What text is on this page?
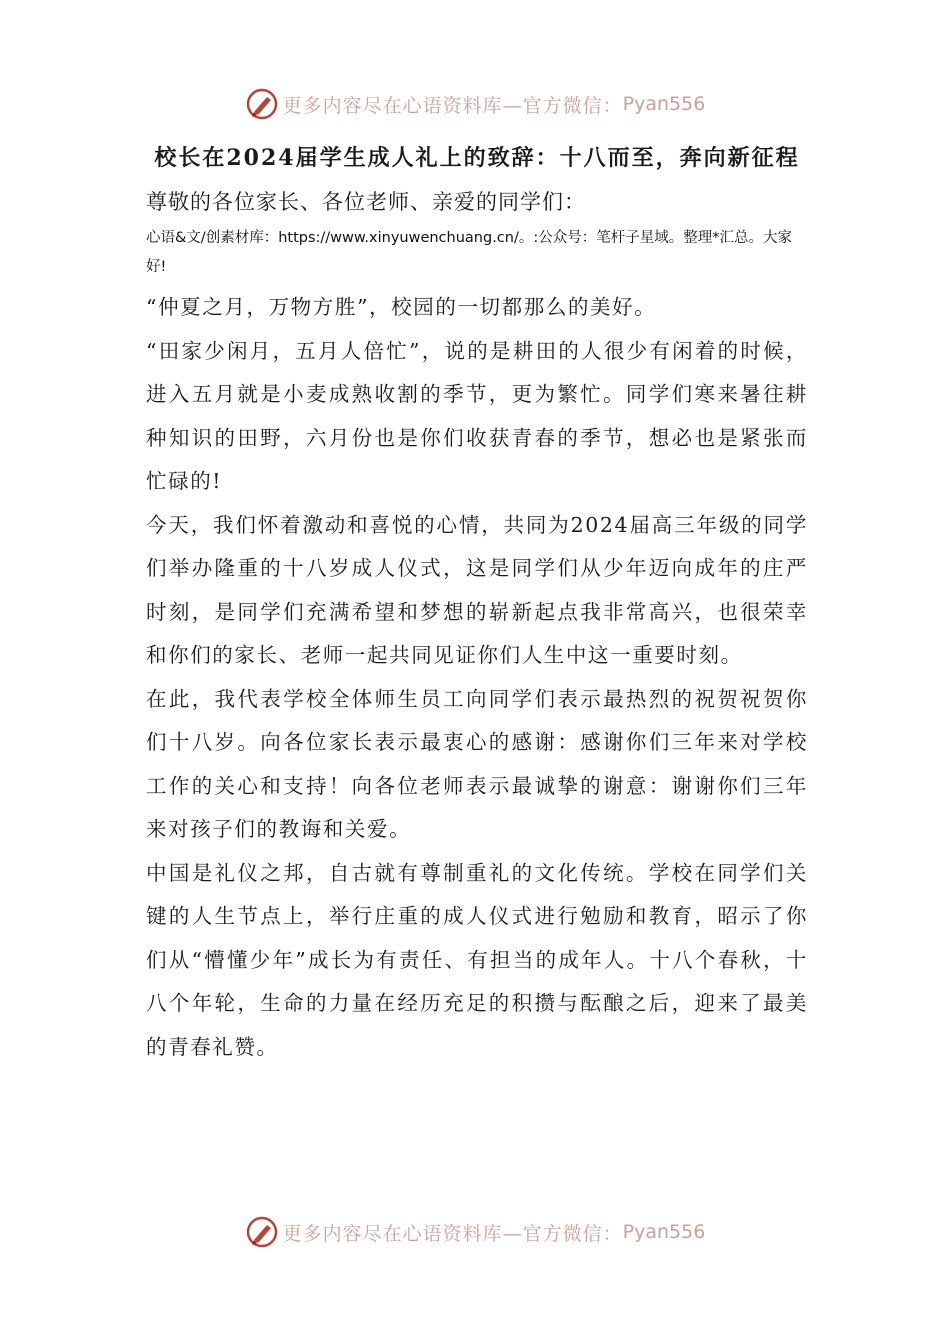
更多内容尽在心语资料库—官方微信： Pyan556
校长在2024届学生成人礼上的致辞：十八而至，奔向新征程

尊敬的各位家长、各位老师、亲爱的同学们：

心语&文/创素材库：https://www.xinyuwenchuang.cn/。:公众号：笔杆子星域。整理*汇总。大家好!

“仲夏之月，万物方胜”，校园的一切都那么的美好。

“田家少闲月，五月人倍忙”，说的是耕田的人很少有闲着的时候，进入五月就是小麦成熟收割的季节，更为繁忙。同学们寒来暑往耕种知识的田野，六月份也是你们收获青春的季节，想必也是紧张而忙碌的!

今天，我们怀着激动和喜悦的心情，共同为2024届高三年级的同学们举办隆重的十八岁成人仪式，这是同学们从少年迈向成年的庄严时刻，是同学们充满希望和梦想的崭新起点我非常高兴，也很荣幸和你们的家长、老师一起共同见证你们人生中这一重要时刻。

在此，我代表学校全体师生员工向同学们表示最热烈的祝贺祝贺你们十八岁。向各位家长表示最衷心的感谢：感谢你们三年来对学校工作的关心和支持！向各位老师表示最诚挚的谢意：谢谢你们三年来对孩子们的教诲和关爱。

中国是礼仪之邦，自古就有尊制重礼的文化传统。学校在同学们关键的人生节点上，举行庄重的成人仪式进行勉励和教育，昭示了你们从“懵懂少年”成长为有责任、有担当的成年人。十八个春秋，十八个年轮，生命的力量在经历充足的积攒与酝酿之后，迎来了最美的青春礼赞。

更多内容尽在心语资料库—官方微信： Pyan556
